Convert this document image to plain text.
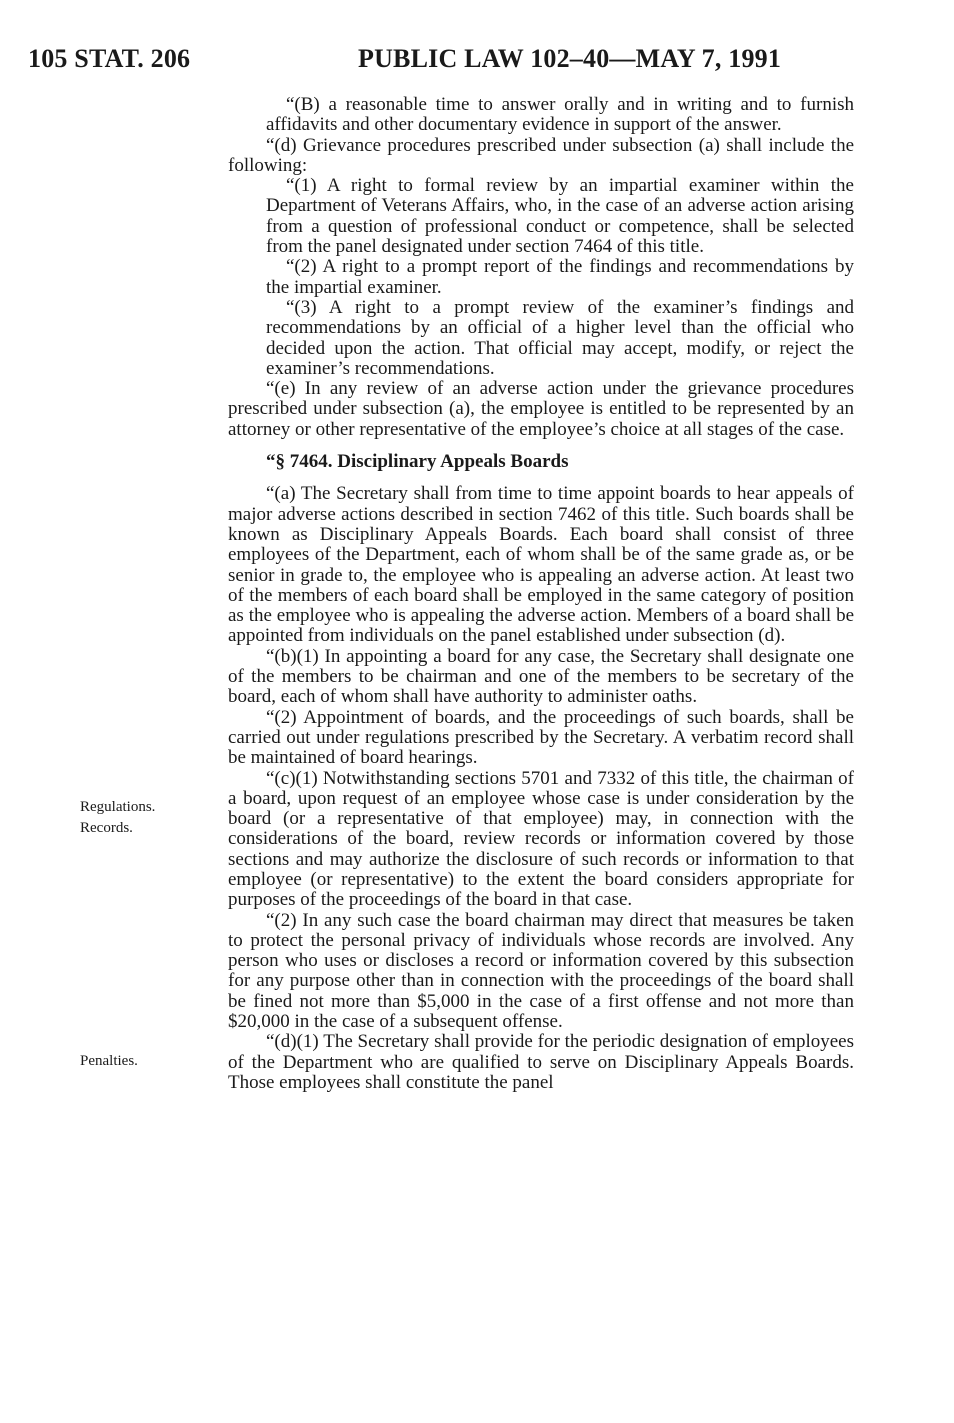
105 STAT. 206	PUBLIC LAW 102–40—MAY 7, 1991
Regulations.
Records.
Penalties.

“(B) a reasonable time to answer orally and in writing and to furnish affidavits and other documentary evidence in support of the answer.

“(d) Grievance procedures prescribed under subsection (a) shall include the following:

“(1) A right to formal review by an impartial examiner within the Department of Veterans Affairs, who, in the case of an adverse action arising from a question of professional conduct or competence, shall be selected from the panel designated under section 7464 of this title.

“(2) A right to a prompt report of the findings and recommendations by the impartial examiner.

“(3) A right to a prompt review of the examiner’s findings and recommendations by an official of a higher level than the official who decided upon the action. That official may accept, modify, or reject the examiner’s recommendations.

“(e) In any review of an adverse action under the grievance procedures prescribed under subsection (a), the employee is entitled to be represented by an attorney or other representative of the employee’s choice at all stages of the case.

“§ 7464. Disciplinary Appeals Boards

“(a) The Secretary shall from time to time appoint boards to hear appeals of major adverse actions described in section 7462 of this title. Such boards shall be known as Disciplinary Appeals Boards. Each board shall consist of three employees of the Department, each of whom shall be of the same grade as, or be senior in grade to, the employee who is appealing an adverse action. At least two of the members of each board shall be employed in the same category of position as the employee who is appealing the adverse action. Members of a board shall be appointed from individuals on the panel established under subsection (d).

“(b)(1) In appointing a board for any case, the Secretary shall designate one of the members to be chairman and one of the members to be secretary of the board, each of whom shall have authority to administer oaths.

“(2) Appointment of boards, and the proceedings of such boards, shall be carried out under regulations prescribed by the Secretary. A verbatim record shall be maintained of board hearings.

“(c)(1) Notwithstanding sections 5701 and 7332 of this title, the chairman of a board, upon request of an employee whose case is under consideration by the board (or a representative of that employee) may, in connection with the considerations of the board, review records or information covered by those sections and may authorize the disclosure of such records or information to that employee (or representative) to the extent the board considers appropriate for purposes of the proceedings of the board in that case.

“(2) In any such case the board chairman may direct that measures be taken to protect the personal privacy of individuals whose records are involved. Any person who uses or discloses a record or information covered by this subsection for any purpose other than in connection with the proceedings of the board shall be fined not more than $5,000 in the case of a first offense and not more than $20,000 in the case of a subsequent offense.

“(d)(1) The Secretary shall provide for the periodic designation of employees of the Department who are qualified to serve on Disciplinary Appeals Boards. Those employees shall constitute the panel
